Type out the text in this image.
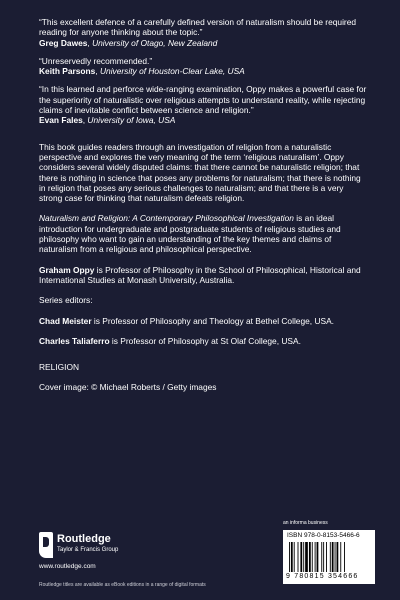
“This excellent defence of a carefully defined version of naturalism should be required reading for anyone thinking about the topic.”

Greg Dawes, University of Otago, New Zealand

“Unreservedly recommended.”

Keith Parsons, University of Houston-Clear Lake, USA

“In this learned and perforce wide-ranging examination, Oppy makes a powerful case for the superiority of naturalistic over religious attempts to understand reality, while rejecting claims of inevitable conflict between science and religion.”

Evan Fales, University of Iowa, USA

This book guides readers through an investigation of religion from a naturalistic perspective and explores the very meaning of the term ‘religious naturalism’. Oppy considers several widely disputed claims: that there cannot be naturalistic religion; that there is nothing in science that poses any problems for naturalism; that there is nothing in religion that poses any serious challenges to naturalism; and that there is a very strong case for thinking that naturalism defeats religion.

Naturalism and Religion: A Contemporary Philosophical Investigation is an ideal introduction for undergraduate and postgraduate students of religious studies and philosophy who want to gain an understanding of the key themes and claims of naturalism from a religious and philosophical perspective.

Graham Oppy is Professor of Philosophy in the School of Philosophical, Historical and International Studies at Monash University, Australia.

Series editors:

Chad Meister is Professor of Philosophy and Theology at Bethel College, USA.

Charles Taliaferro is Professor of Philosophy at St Olaf College, USA.

RELIGION

Cover image: © Michael Roberts / Getty images

Routledge
Taylor & Francis Group
www.routledge.com
Routledge titles are available as eBook editions in a range of digital formats
an informa business
ISBN 978-0-8153-5466-6
9 780815 354666
